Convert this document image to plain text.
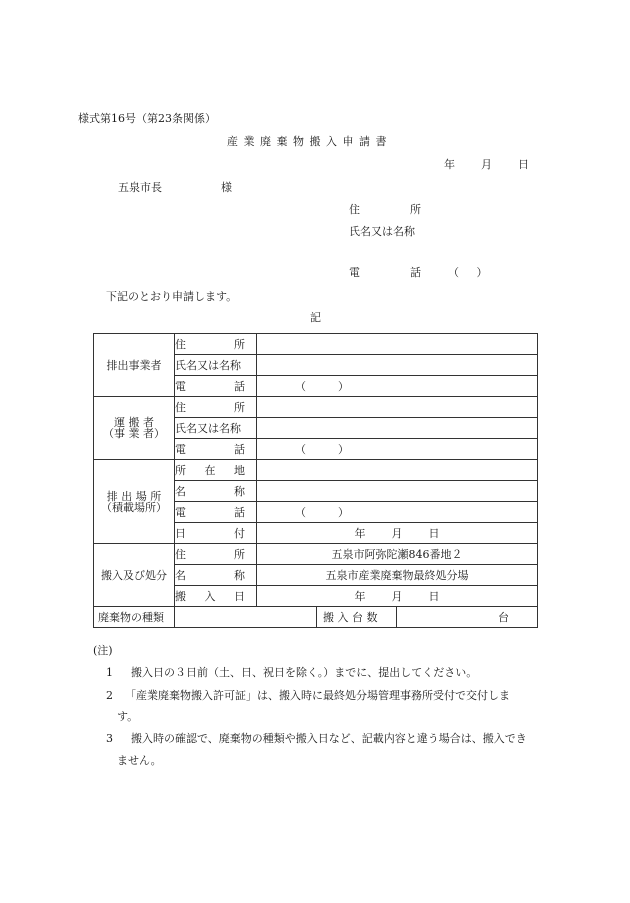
様式第16号（第23条関係）
産 業 廃 棄 物 搬 入 申 請 書
年 月 日
五泉市長	様
住	所
氏名又は名称
電	話 （     ）
下記のとおり申請します。
記
排出事業者	住 所			

	氏名又は名称			

	電 話	（ ）		

運 搬 者
（事 業 者）	住 所			

	氏名又は名称			

	電 話	（ ）		

排 出 場 所
（積載場所）	所 在 地			

	名 称			

	電 話	（ ）		

	日 付	年 月 日		

搬入及び処分	住 所	五泉市阿弥陀瀬846番地２		

	名 称	五泉市産業廃棄物最終処分場		

	搬 入 日	年 月 日		

廃棄物の種類			搬 入 台 数	台
(注)
1 搬入日の３日前（土、日、祝日を除く。）までに、提出してください。
2 「産業廃棄物搬入許可証」は、搬入時に最終処分場管理事務所受付で交付しま
す。
3 搬入時の確認で、廃棄物の種類や搬入日など、記載内容と違う場合は、搬入でき
ません。
